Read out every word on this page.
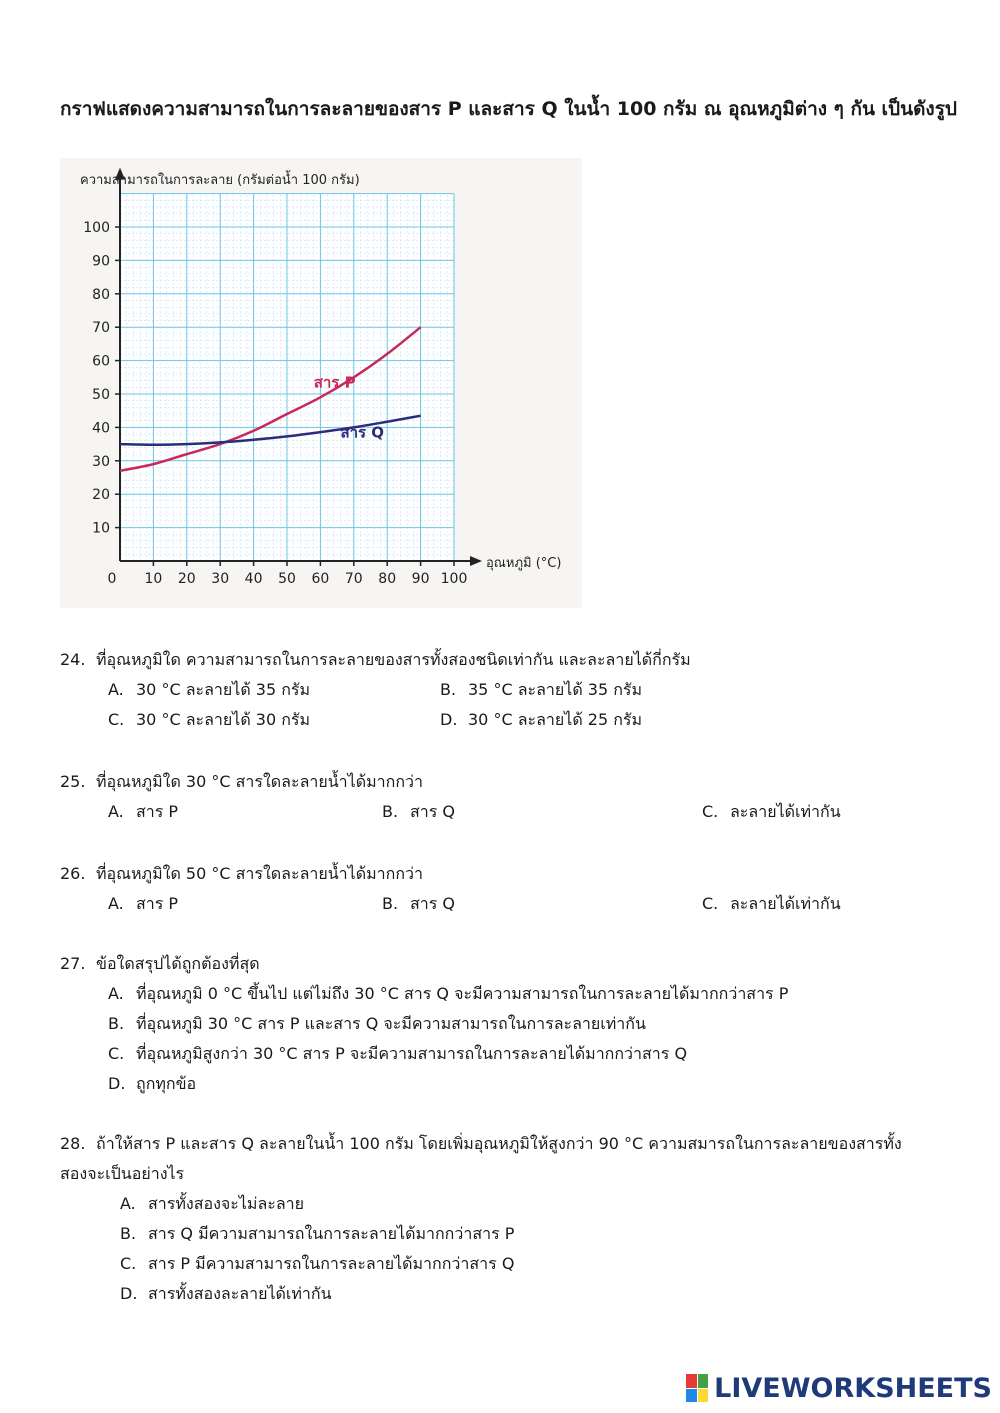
กราฟแสดงความสามารถในการละลายของสาร P และสาร Q ในน้ำ 100 กรัม ณ อุณหภูมิต่าง ๆ กัน เป็นดังรูป
10
20
30
40
50
60
70
80
90
100
0 10 20 30 40 50 60 70 80 90 100
ความสามารถในการละลาย (กรัมต่อน้ำ 100 กรัม)
อุณหภูมิ (°C)
สาร P
สาร Q
24. ที่อุณหภูมิใด ความสามารถในการละลายของสารทั้งสองชนิดเท่ากัน และละลายได้กี่กรัม
A. 30 °C ละลายได้ 35 กรัม	B. 35 °C ละลายได้ 35 กรัม
C. 30 °C ละลายได้ 30 กรัม	D. 30 °C ละลายได้ 25 กรัม
25. ที่อุณหภูมิใด 30 °C สารใดละลายน้ำได้มากกว่า
A. สาร P	B. สาร Q	C. ละลายได้เท่ากัน
26. ที่อุณหภูมิใด 50 °C สารใดละลายน้ำได้มากกว่า
A. สาร P	B. สาร Q	C. ละลายได้เท่ากัน
27. ข้อใดสรุปได้ถูกต้องที่สุด
A. ที่อุณหภูมิ 0 °C ขึ้นไป แต่ไม่ถึง 30 °C สาร Q จะมีความสามารถในการละลายได้มากกว่าสาร P
B. ที่อุณหภูมิ 30 °C สาร P และสาร Q จะมีความสามารถในการละลายเท่ากัน
C. ที่อุณหภูมิสูงกว่า 30 °C สาร P จะมีความสามารถในการละลายได้มากกว่าสาร Q
D. ถูกทุกข้อ
28. ถ้าให้สาร P และสาร Q ละลายในน้ำ 100 กรัม โดยเพิ่มอุณหภูมิให้สูงกว่า 90 °C ความสมารถในการละลายของสารทั้ง
สองจะเป็นอย่างไร
A. สารทั้งสองจะไม่ละลาย
B. สาร Q มีความสามารถในการละลายได้มากกว่าสาร P
C. สาร P มีความสามารถในการละลายได้มากกว่าสาร Q
D. สารทั้งสองละลายได้เท่ากัน
LIVEWORKSHEETS
